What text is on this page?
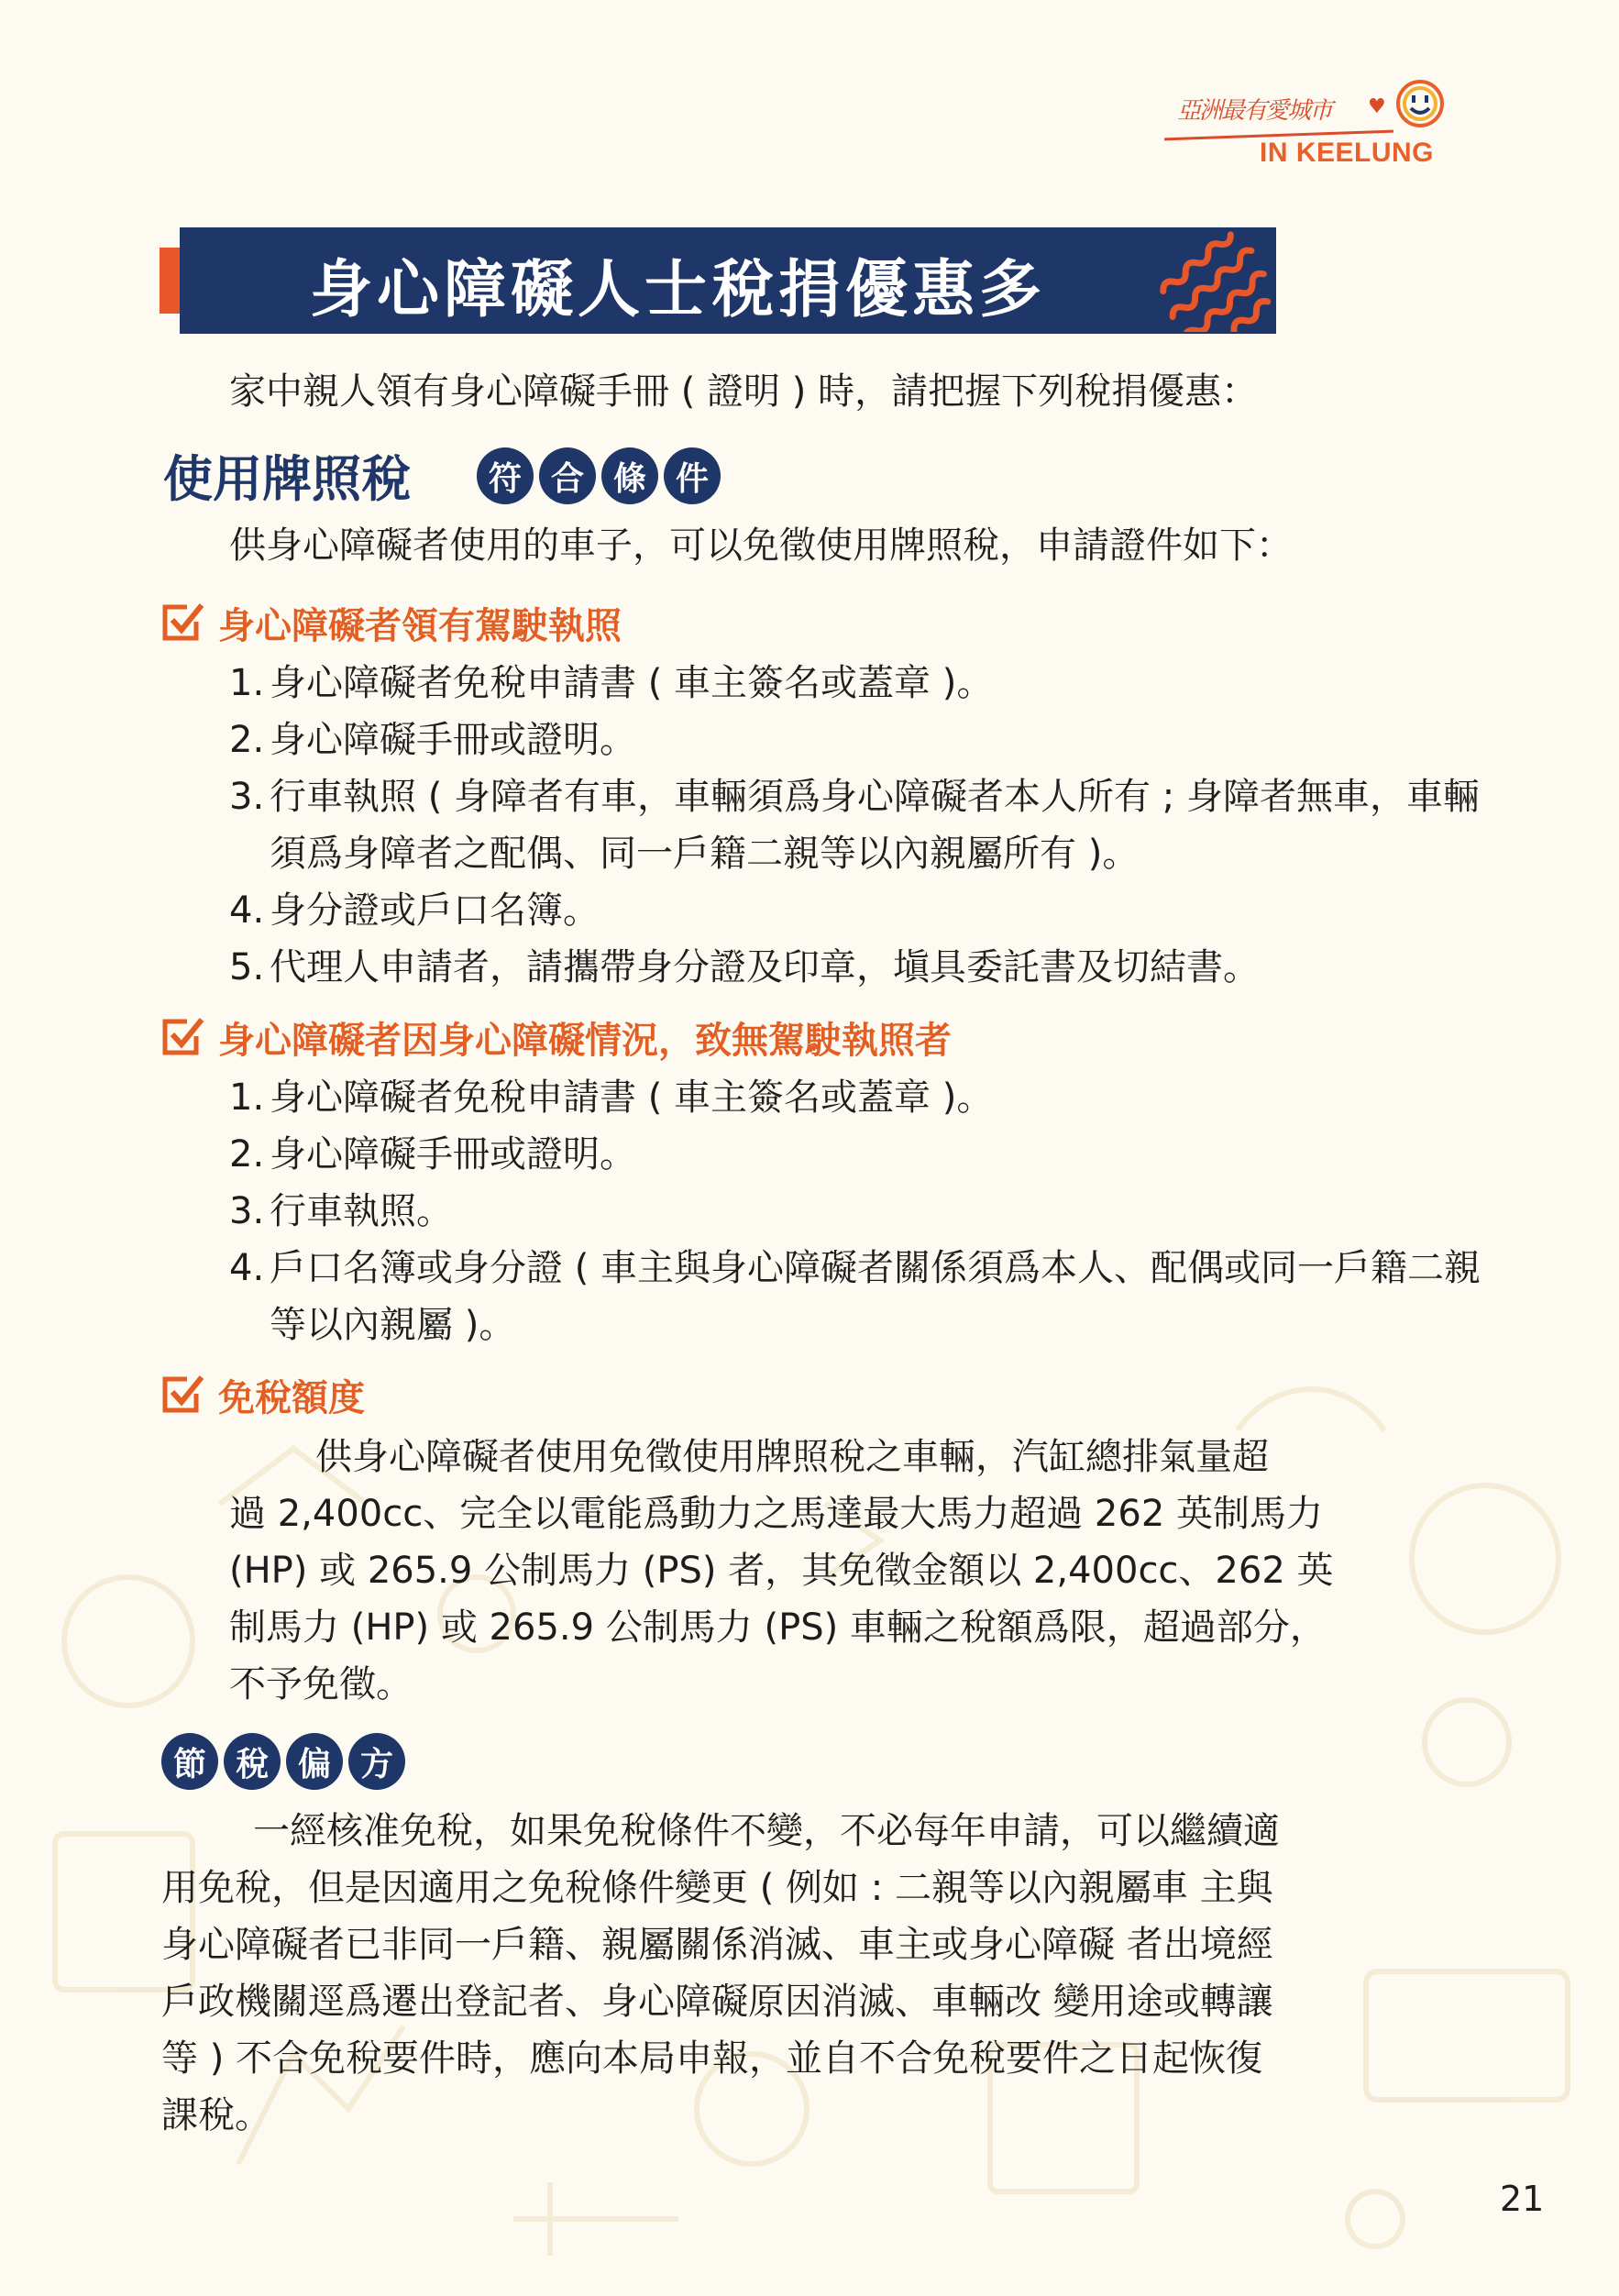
亞洲最有愛城市 ♥
IN KEELUNG
身心障礙人士稅捐優惠多
家中親人領有身心障礙手冊 ( 證明 ) 時，請把握下列稅捐優惠：
使用牌照稅	符 合 條 件
供身心障礙者使用的車子，可以免徵使用牌照稅，申請證件如下：
身心障礙者領有駕駛執照
1. 身心障礙者免稅申請書 ( 車主簽名或蓋章 )。
2. 身心障礙手冊或證明。
3. 行車執照 ( 身障者有車，車輛須爲身心障礙者本人所有 ; 身障者無車，車輛須爲身障者之配偶、同一戶籍二親等以內親屬所有 )。
4. 身分證或戶口名簿。
5. 代理人申請者，請攜帶身分證及印章，塡具委託書及切結書。
身心障礙者因身心障礙情況，致無駕駛執照者
1. 身心障礙者免稅申請書 ( 車主簽名或蓋章 )。
2. 身心障礙手冊或證明。
3. 行車執照。
4. 戶口名簿或身分證 ( 車主與身心障礙者關係須爲本人、配偶或同一戶籍二親等以內親屬 )。
免稅額度
供身心障礙者使用免徵使用牌照稅之車輛，汽缸總排氣量超
過 2,400cc、完全以電能爲動力之馬達最大馬力超過 262 英制馬力
(HP) 或 265.9 公制馬力 (PS) 者，其免徵金額以 2,400cc、262 英
制馬力 (HP) 或 265.9 公制馬力 (PS) 車輛之稅額爲限，超過部分，
不予免徵。
節 稅 偏 方
一經核准免稅，如果免稅條件不變，不必每年申請，可以繼續適
用免稅，但是因適用之免稅條件變更 ( 例如 : 二親等以內親屬車 主與
身心障礙者已非同一戶籍、親屬關係消滅、車主或身心障礙 者出境經
戶政機關逕爲遷出登記者、身心障礙原因消滅、車輛改 變用途或轉讓
等 ) 不合免稅要件時，應向本局申報，並自不合免稅要件之日起恢復
課稅。
21
